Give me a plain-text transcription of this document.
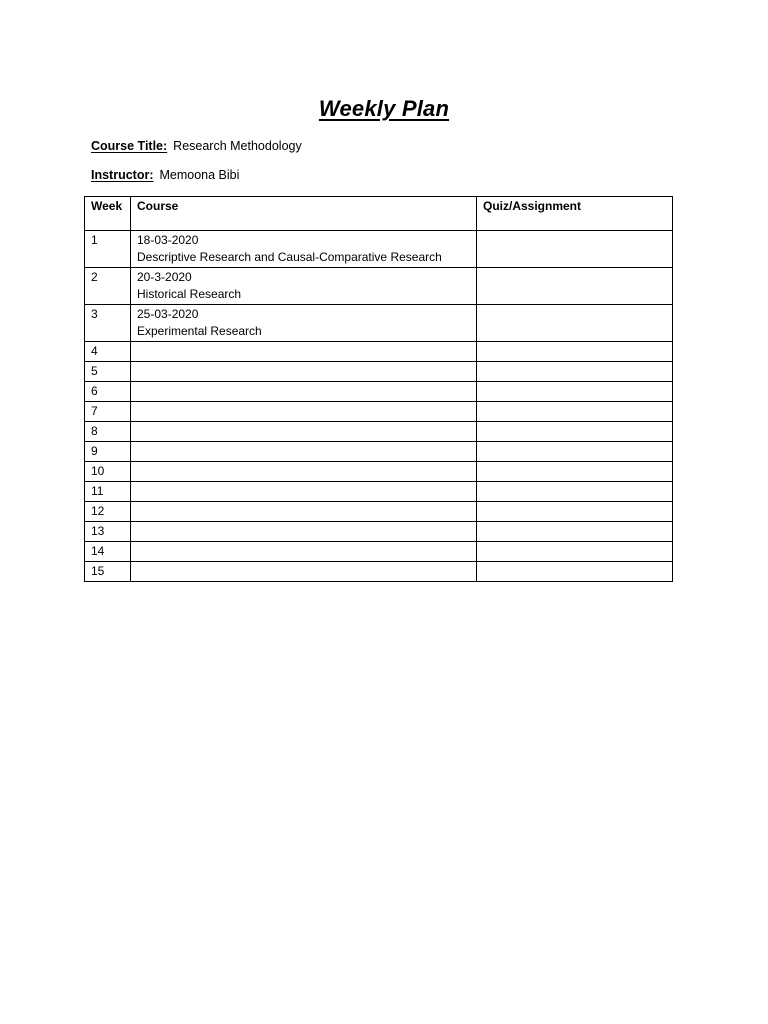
Weekly Plan
Course Title: Research Methodology
Instructor: Memoona Bibi
Week	Course	Quiz/Assignment
1	18-03-2020
Descriptive Research and Causal-Comparative Research	

2	20-3-2020
Historical Research	

3	25-03-2020
Experimental Research	

4		
5		
6		
7		
8		
9		
10		
11		
12		
13		
14		
15		
